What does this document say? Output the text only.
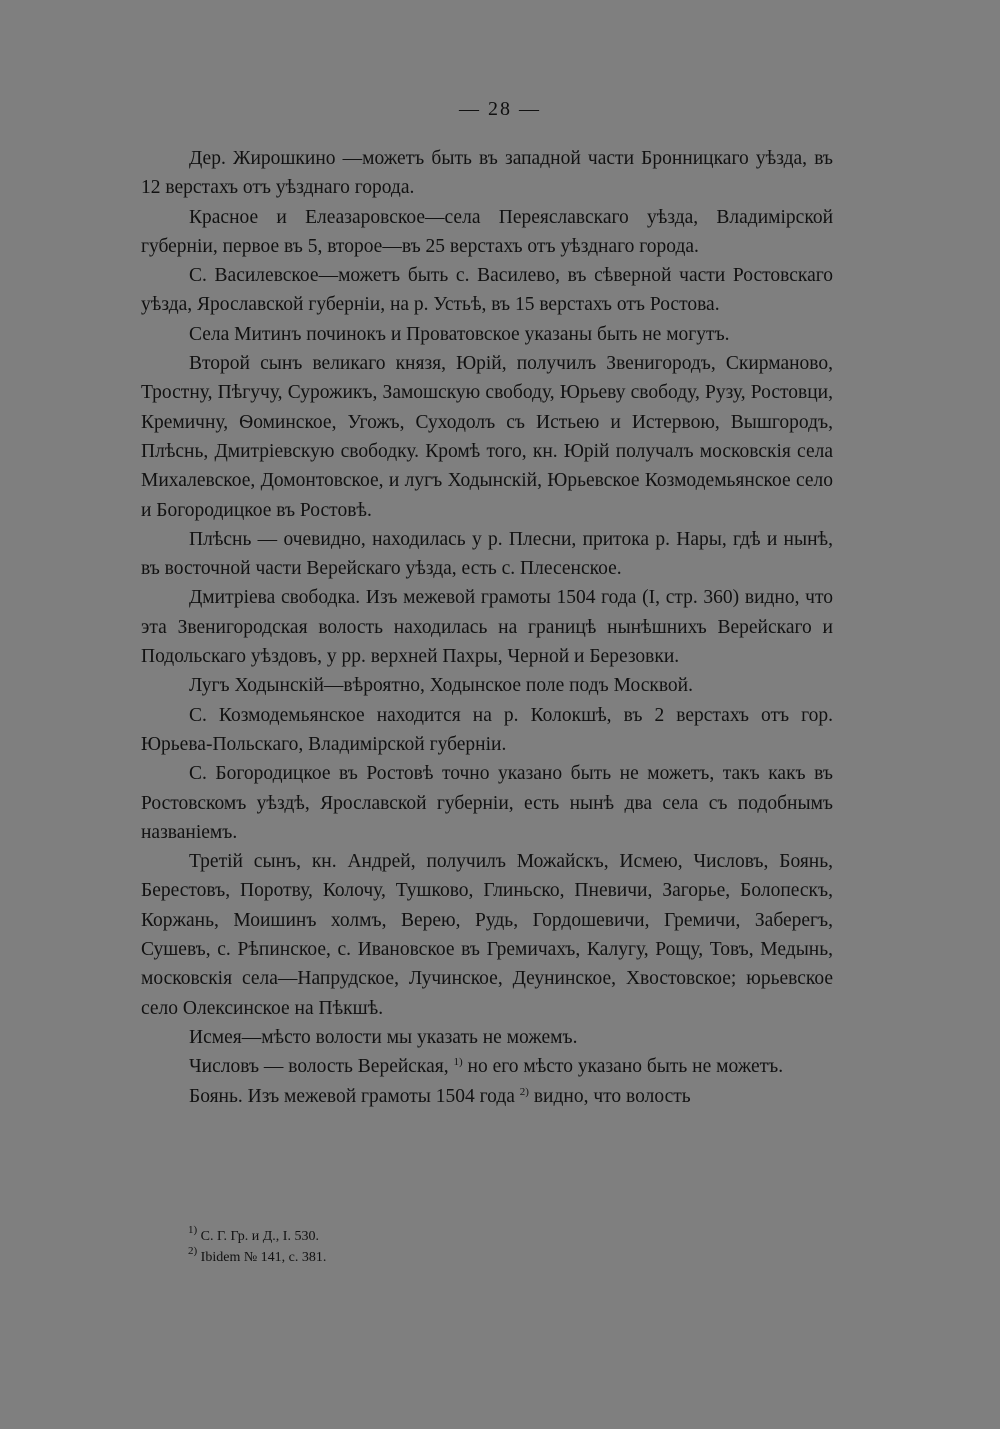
— 28 —

Дер. Жирошкино —можетъ быть въ западной части Бронницкаго уѣзда, въ 12 верстахъ отъ уѣзднаго города.

Красное и Елеазаровское—села Переяславскаго уѣзда, Владимірской губерніи, первое въ 5, второе—въ 25 верстахъ отъ уѣзднаго города.

С. Василевское—можетъ быть с. Василево, въ сѣверной части Ростовскаго уѣзда, Ярославской губерніи, на р. Устьѣ, въ 15 верстахъ отъ Ростова.

Села Митинъ починокъ и Проватовское указаны быть не могутъ.

Второй сынъ великаго князя, Юрій, получилъ Звенигородъ, Скирманово, Тростну, Пѣгучу, Сурожикъ, Замошскую свободу, Юрьеву свободу, Рузу, Ростовци, Кремичну, Ѳоминское, Угожъ, Суходолъ съ Истьею и Истервою, Вышгородъ, Плѣснь, Дмитріевскую свободку. Кромѣ того, кн. Юрій получалъ московскія села Михалевское, Домонтовское, и лугъ Ходынскій, Юрьевское Козмодемьянское село и Богородицкое въ Ростовѣ.

Плѣснь — очевидно, находилась у р. Плесни, притока р. Нары, гдѣ и нынѣ, въ восточной части Верейскаго уѣзда, есть с. Плесенское.

Дмитріева свободка. Изъ межевой грамоты 1504 года (I, стр. 360) видно, что эта Звенигородская волость находилась на границѣ нынѣшнихъ Верейскаго и Подольскаго уѣздовъ, у рр. верхней Пахры, Черной и Березовки.

Лугъ Ходынскій—вѣроятно, Ходынское поле подъ Москвой.

С. Козмодемьянское находится на р. Колокшѣ, въ 2 верстахъ отъ гор. Юрьева-Польскаго, Владимірской губерніи.

С. Богородицкое въ Ростовѣ точно указано быть не можетъ, такъ какъ въ Ростовскомъ уѣздѣ, Ярославской губерніи, есть нынѣ два села съ подобнымъ названіемъ.

Третій сынъ, кн. Андрей, получилъ Можайскъ, Исмею, Числовъ, Боянь, Берестовъ, Поротву, Колочу, Тушково, Глиньско, Пневичи, Загорье, Болопескъ, Коржань, Моишинъ холмъ, Верею, Рудь, Гордошевичи, Гремичи, Заберегъ, Сушевъ, с. Рѣпинское, с. Ивановское въ Гремичахъ, Калугу, Рощу, Товъ, Медынь, московскія села—Напрудское, Лучинское, Деунинское, Хвостовское; юрьевское село Олексинское на Пѣкшѣ.

Исмея—мѣсто волости мы указать не можемъ.

Числовъ — волость Верейская, $^{1)}$ но его мѣсто указано быть не можетъ.

Боянь. Изъ межевой грамоты 1504 года $^{2)}$ видно, что волость

$^{1)}$ С. Г. Гр. и Д., I. 530.
$^{2)}$ Ibidem № 141, с. 381.
